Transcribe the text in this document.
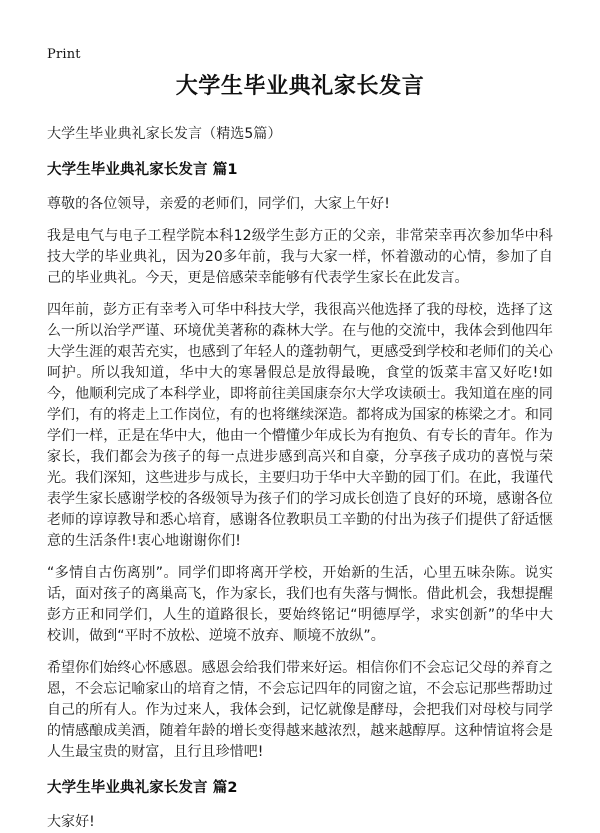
Print
大学生毕业典礼家长发言
大学生毕业典礼家长发言（精选5篇）
大学生毕业典礼家长发言 篇1

尊敬的各位领导，亲爱的老师们，同学们，大家上午好!

我是电气与电子工程学院本科12级学生彭方正的父亲，非常荣幸再次参加华中科技大学的毕业典礼，因为20多年前，我与大家一样，怀着激动的心情，参加了自己的毕业典礼。今天，更是倍感荣幸能够有代表学生家长在此发言。

四年前，彭方正有幸考入可华中科技大学，我很高兴他选择了我的母校，选择了这么一所以治学严谨、环境优美著称的森林大学。在与他的交流中，我体会到他四年大学生涯的艰苦充实，也感到了年轻人的蓬勃朝气，更感受到学校和老师们的关心呵护。所以我知道，华中大的寒暑假总是放得最晚，食堂的饭菜丰富又好吃!如今，他顺利完成了本科学业，即将前往美国康奈尔大学攻读硕士。我知道在座的同学们，有的将走上工作岗位，有的也将继续深造。都将成为国家的栋梁之才。和同学们一样，正是在华中大，他由一个懵懂少年成长为有抱负、有专长的青年。作为家长，我们都会为孩子的每一点进步感到高兴和自豪，分享孩子成功的喜悦与荣光。我们深知，这些进步与成长，主要归功于华中大辛勤的园丁们。在此，我谨代表学生家长感谢学校的各级领导为孩子们的学习成长创造了良好的环境，感谢各位老师的谆谆教导和悉心培育，感谢各位教职员工辛勤的付出为孩子们提供了舒适惬意的生活条件!衷心地谢谢你们!

“多情自古伤离别”。同学们即将离开学校，开始新的生活，心里五味杂陈。说实话，面对孩子的离巢高飞，作为家长，我们也有失落与惆怅。借此机会，我想提醒彭方正和同学们，人生的道路很长，要始终铭记“明德厚学，求实创新”的华中大校训，做到“平时不放松、逆境不放弃、顺境不放纵”。

希望你们始终心怀感恩。感恩会给我们带来好运。相信你们不会忘记父母的养育之恩，不会忘记喻家山的培育之情，不会忘记四年的同窗之谊，不会忘记那些帮助过自己的所有人。作为过来人，我体会到，记忆就像是酵母，会把我们对母校与同学的情感酿成美酒，随着年龄的增长变得越来越浓烈，越来越醇厚。这种情谊将会是人生最宝贵的财富，且行且珍惜吧!

大学生毕业典礼家长发言 篇2

大家好!
